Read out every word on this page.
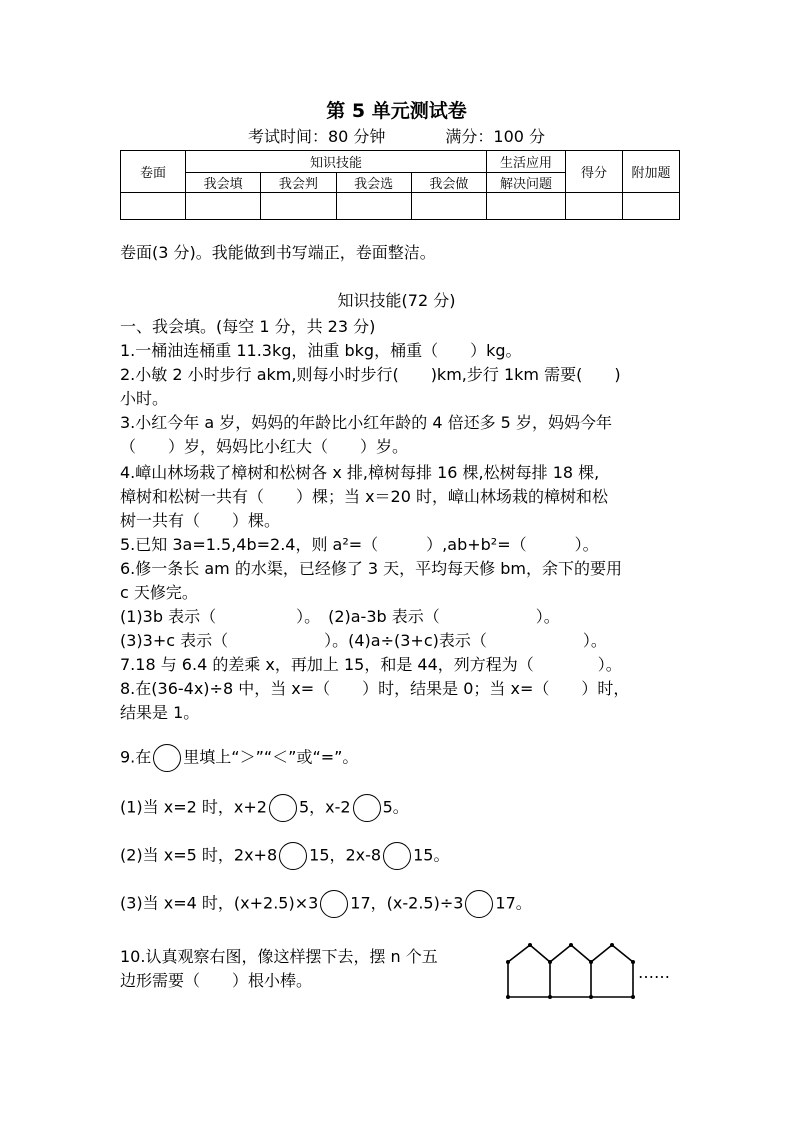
第 5 单元测试卷
考试时间：80 分钟	满分：100 分
卷面	知识技能				生活应用	得分	附加题
	我会填	我会判	我会选	我会做	解决问题		

卷面(3 分)。我能做到书写端正，卷面整洁。
知识技能(72 分)
一、我会填。(每空 1 分，共 23 分)
1.一桶油连桶重 11.3kg，油重 bkg，桶重（　　）kg。
2.小敏 2 小时步行 akm,则每小时步行(　　)km,步行 1km 需要(　　)
小时。
3.小红今年 a 岁，妈妈的年龄比小红年龄的 4 倍还多 5 岁，妈妈今年
（　　）岁，妈妈比小红大（　　）岁。
4.嶂山林场栽了樟树和松树各 x 排,樟树每排 16 棵,松树每排 18 棵,
樟树和松树一共有（　　）棵；当 x＝20 时，嶂山林场栽的樟树和松
树一共有（　　）棵。
5.已知 3a=1.5,4b=2.4，则 a²=（　　　）,ab+b²=（　　　）。
6.修一条长 am 的水渠，已经修了 3 天，平均每天修 bm，余下的要用
c 天修完。
(1)3b 表示（　　　　　）。　(2)a-3b 表示（　　　　　　）。
(3)3+c 表示（　　　　　　）。(4)a÷(3+c)表示（　　　　　　）。
7.18 与 6.4 的差乘 x，再加上 15，和是 44，列方程为（　　　　）。
8.在(36-4x)÷8 中，当 x=（　　）时，结果是 0；当 x=（　　）时，
结果是 1。
9.在 里填上“＞”“＜”或“=”。
(1)当 x=2 时，x+2 5，x-2 5。
(2)当 x=5 时，2x+8 15，2x-8 15。
(3)当 x=4 时，(x+2.5)×3 17，(x-2.5)÷3 17。
10.认真观察右图，像这样摆下去，摆 n 个五
边形需要（　　）根小棒。	……
